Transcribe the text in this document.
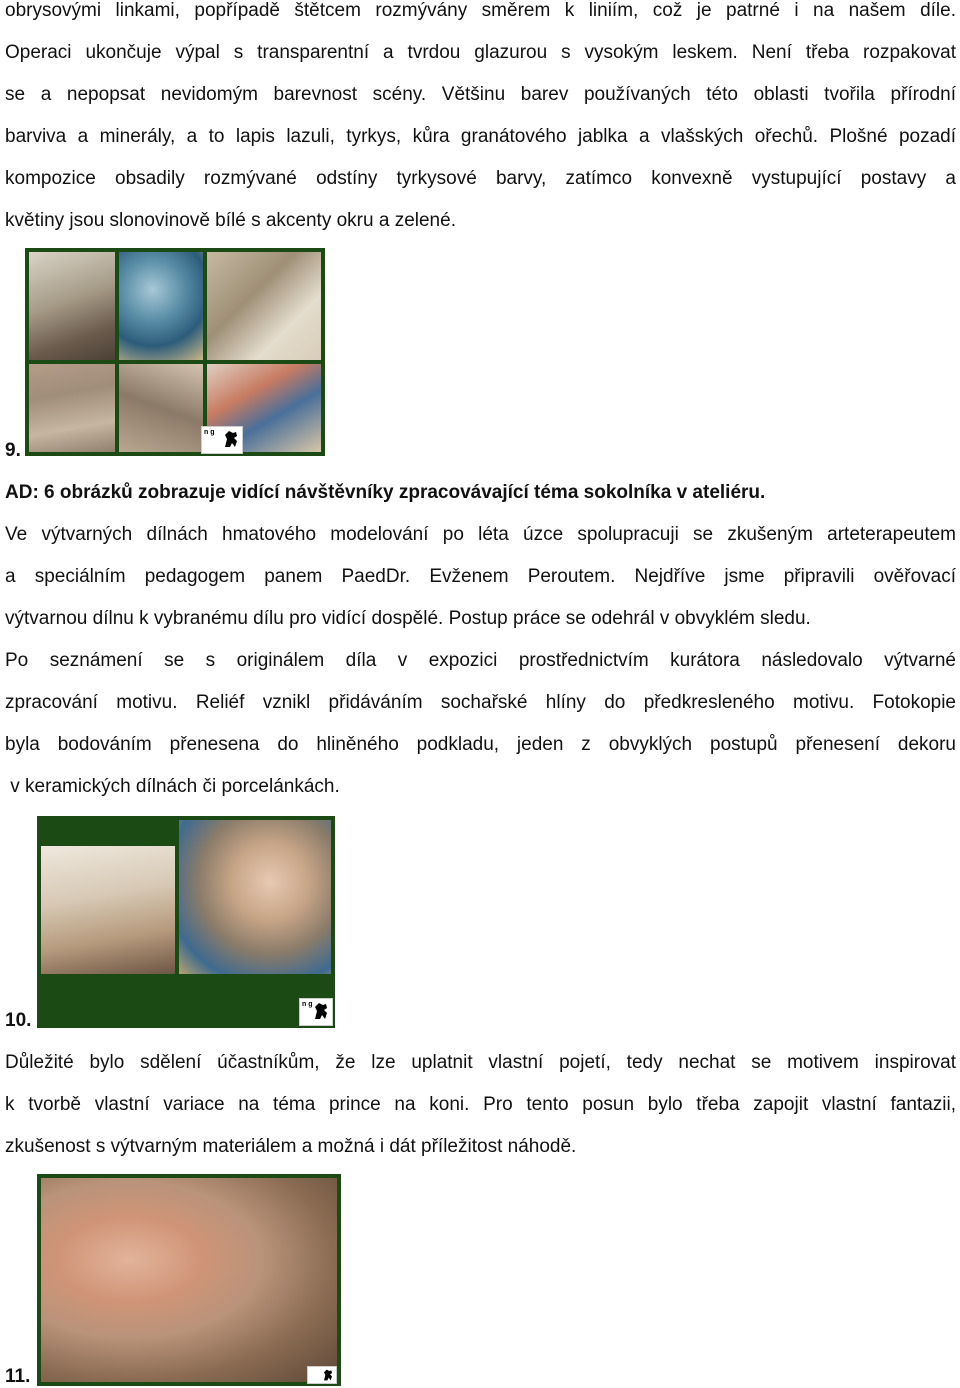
obrysovými linkami, popřípadě štětcem rozmývány směrem k liniím, což je patrné i na našem díle.
Operaci ukončuje výpal s transparentní a tvrdou glazurou s vysokým leskem. Není třeba rozpakovat
se a nepopsat nevidomým barevnost scény. Většinu barev používaných této oblasti tvořila přírodní
barviva a minerály, a to lapis lazuli, tyrkys, kůra granátového jablka a vlašských ořechů. Plošné pozadí
kompozice obsadily rozmývané odstíny tyrkysové barvy, zatímco konvexně vystupující postavy a
květiny jsou slonovinově bílé s akcenty okru a zelené.
9.
n g
AD: 6 obrázků zobrazuje vidící návštěvníky zpracovávající téma sokolníka v ateliéru.
Ve výtvarných dílnách hmatového modelování po léta úzce spolupracuji se zkušeným arteterapeutem
a speciálním pedagogem panem PaedDr. Evženem Peroutem. Nejdříve jsme připravili ověřovací
výtvarnou dílnu k vybranému dílu pro vidící dospělé. Postup práce se odehrál v obvyklém sledu.
Po seznámení se s originálem díla v expozici prostřednictvím kurátora následovalo výtvarné
zpracování motivu. Reliéf vznikl přidáváním sochařské hlíny do předkresleného motivu. Fotokopie
byla bodováním přenesena do hliněného podkladu, jeden z obvyklých postupů přenesení dekoru
v keramických dílnách či porcelánkách.
10.
n g
Důležité bylo sdělení účastníkům, že lze uplatnit vlastní pojetí, tedy nechat se motivem inspirovat
k tvorbě vlastní variace na téma prince na koni. Pro tento posun bylo třeba zapojit vlastní fantazii,
zkušenost s výtvarným materiálem a možná i dát příležitost náhodě.
11.
